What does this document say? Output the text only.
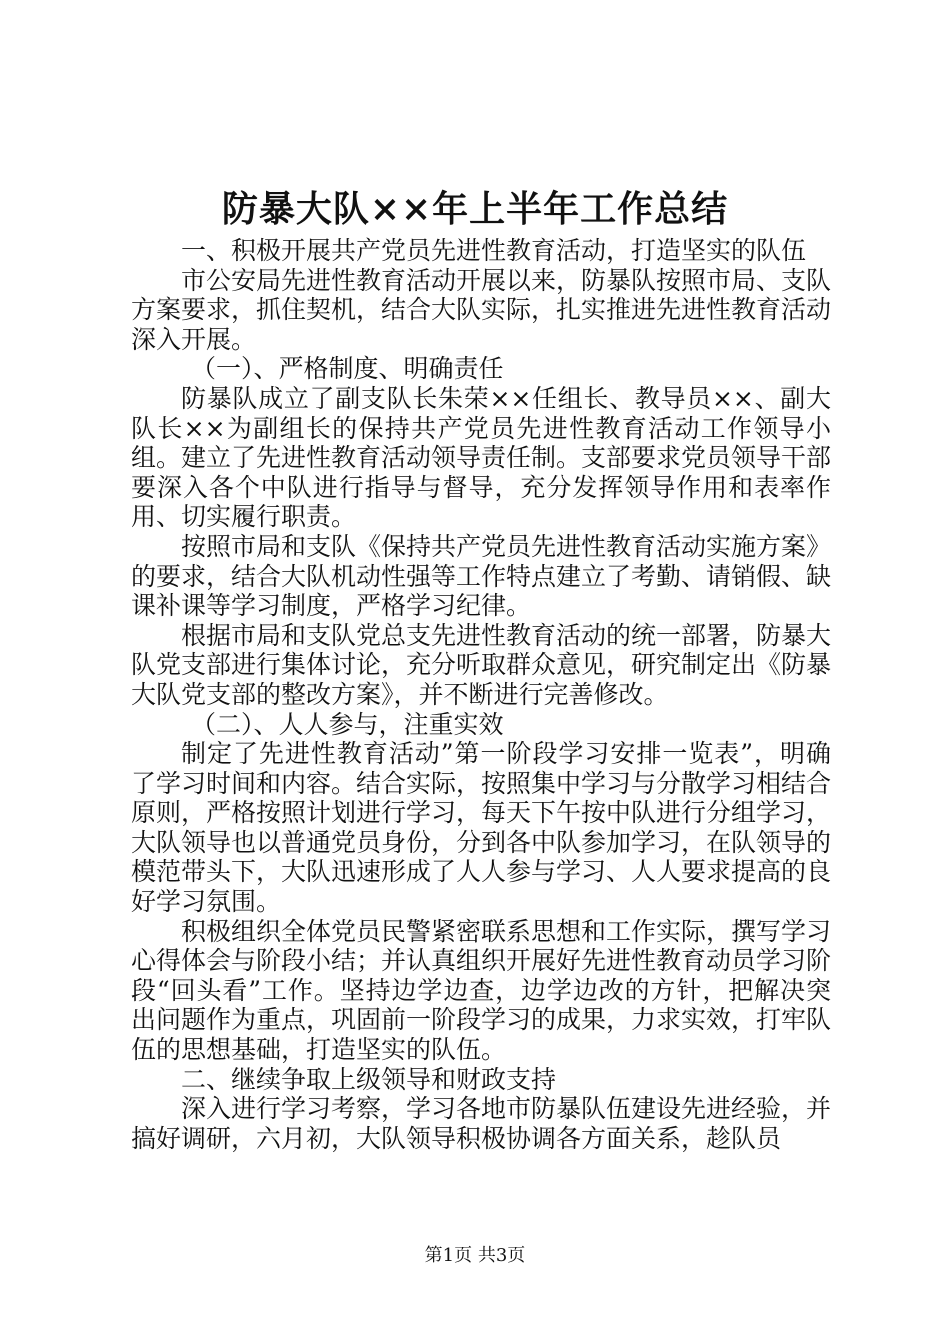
防暴大队××年上半年工作总结

一、积极开展共产党员先进性教育活动，打造坚实的队伍

市公安局先进性教育活动开展以来，防暴队按照市局、支队方案要求，抓住契机，结合大队实际，扎实推进先进性教育活动深入开展。

（一）、严格制度、明确责任

防暴队成立了副支队长朱荣××任组长、教导员××、副大队长××为副组长的保持共产党员先进性教育活动工作领导小组。建立了先进性教育活动领导责任制。支部要求党员领导干部要深入各个中队进行指导与督导，充分发挥领导作用和表率作用、切实履行职责。

按照市局和支队《保持共产党员先进性教育活动实施方案》的要求，结合大队机动性强等工作特点建立了考勤、请销假、缺课补课等学习制度，严格学习纪律。

根据市局和支队党总支先进性教育活动的统一部署，防暴大队党支部进行集体讨论，充分听取群众意见，研究制定出《防暴大队党支部的整改方案》，并不断进行完善修改。

（二）、人人参与，注重实效

制定了先进性教育活动”第一阶段学习安排一览表”，明确了学习时间和内容。结合实际，按照集中学习与分散学习相结合原则，严格按照计划进行学习，每天下午按中队进行分组学习，大队领导也以普通党员身份，分到各中队参加学习，在队领导的模范带头下，大队迅速形成了人人参与学习、人人要求提高的良好学习氛围。

积极组织全体党员民警紧密联系思想和工作实际，撰写学习心得体会与阶段小结；并认真组织开展好先进性教育动员学习阶段“回头看”工作。坚持边学边查，边学边改的方针，把解决突出问题作为重点，巩固前一阶段学习的成果，力求实效，打牢队伍的思想基础，打造坚实的队伍。

二、继续争取上级领导和财政支持

深入进行学习考察，学习各地市防暴队伍建设先进经验，并搞好调研，六月初，大队领导积极协调各方面关系，趁队员

第1页 共3页
